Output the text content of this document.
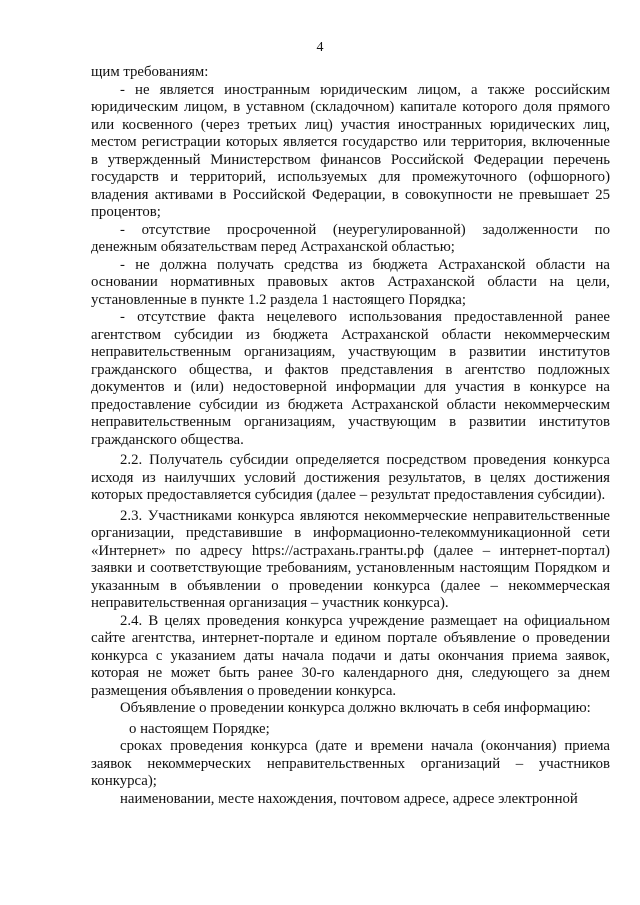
4

щим требованиям:

- не является иностранным юридическим лицом, а также российским юридическим лицом, в уставном (складочном) капитале которого доля прямого или косвенного (через третьих лиц) участия иностранных юридических лиц, местом регистрации которых является государство или территория, включенные в утвержденный Министерством финансов Российской Федерации перечень государств и территорий, используемых для промежуточного (офшорного) владения активами в Российской Федерации, в совокупности не превышает 25 процентов;

- отсутствие просроченной (неурегулированной) задолженности по денежным обязательствам перед Астраханской областью;

- не должна получать средства из бюджета Астраханской области на основании нормативных правовых актов Астраханской области на цели, установленные в пункте 1.2 раздела 1 настоящего Порядка;

- отсутствие факта нецелевого использования предоставленной ранее агентством субсидии из бюджета Астраханской области некоммерческим неправительственным организациям, участвующим в развитии институтов гражданского общества, и фактов представления в агентство подложных документов и (или) недостоверной информации для участия в конкурсе на предоставление субсидии из бюджета Астраханской области некоммерческим неправительственным организациям, участвующим в развитии институтов гражданского общества.

2.2. Получатель субсидии определяется посредством проведения конкурса исходя из наилучших условий достижения результатов, в целях достижения которых предоставляется субсидия (далее – результат предоставления субсидии).

2.3. Участниками конкурса являются некоммерческие неправительственные организации, представившие в информационно-телекоммуникационной сети «Интернет» по адресу https://астрахань.гранты.рф (далее – интернет-портал) заявки и соответствующие требованиям, установленным настоящим Порядком и указанным в объявлении о проведении конкурса (далее – некоммерческая неправительственная организация – участник конкурса).

2.4. В целях проведения конкурса учреждение размещает на официальном сайте агентства, интернет-портале и едином портале объявление о проведении конкурса с указанием даты начала подачи и даты окончания приема заявок, которая не может быть ранее 30-го календарного дня, следующего за днем размещения объявления о проведении конкурса.

Объявление о проведении конкурса должно включать в себя информацию:

о настоящем Порядке;

сроках проведения конкурса (дате и времени начала (окончания) приема заявок некоммерческих неправительственных организаций – участников конкурса);

наименовании, месте нахождения, почтовом адресе, адресе электронной
